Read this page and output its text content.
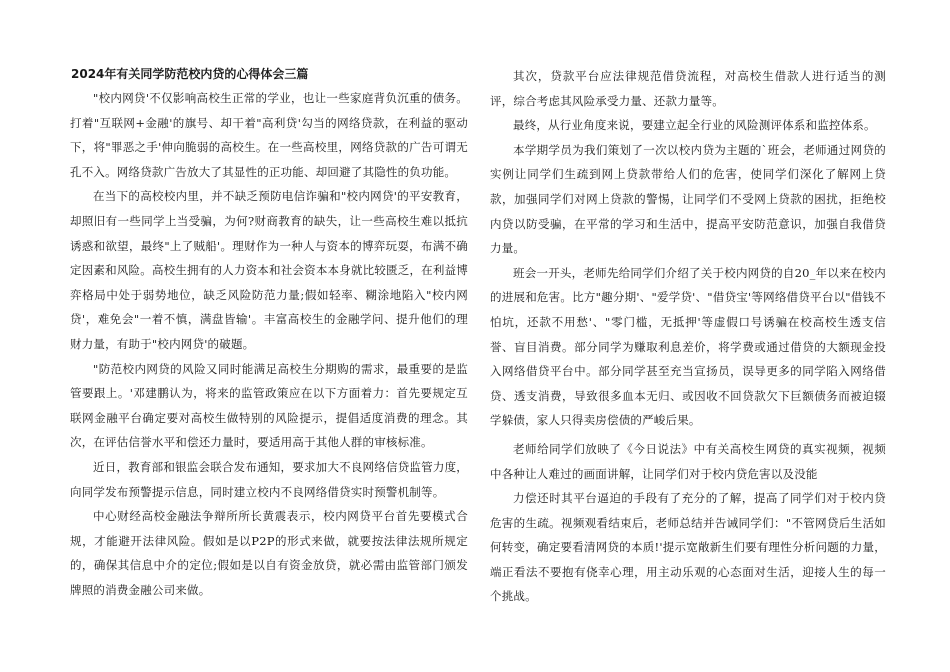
2024年有关同学防范校内贷的心得体会三篇

"校内网贷'不仅影响高校生正常的学业，也让一些家庭背负沉重的债务。打着"互联网+金融'的旗号、却干着"高利贷'勾当的网络贷款，在利益的驱动下，将"罪恶之手'伸向脆弱的高校生。在一些高校里，网络贷款的广告可谓无孔不入。网络贷款广告放大了其显性的正功能、却回避了其隐性的负功能。

在当下的高校校内里，并不缺乏预防电信诈骗和"校内网贷'的平安教育，却照旧有一些同学上当受骗，为何?财商教育的缺失，让一些高校生难以抵抗诱惑和欲望，最终"上了贼船'。理财作为一种人与资本的博弈玩耍，布满不确定因素和风险。高校生拥有的人力资本和社会资本本身就比较匮乏，在利益博弈格局中处于弱势地位，缺乏风险防范力量;假如轻率、糊涂地陷入"校内网贷'，难免会"一着不慎，满盘皆输'。丰富高校生的金融学问、提升他们的理财力量，有助于"校内网贷'的破题。

"防范校内网贷的风险又同时能满足高校生分期购的需求，最重要的是监管要跟上。'邓建鹏认为，将来的监管政策应在以下方面着力：首先要规定互联网金融平台确定要对高校生做特别的风险提示，提倡适度消费的理念。其次，在评估信誉水平和偿还力量时，要适用高于其他人群的审核标准。

近日，教育部和银监会联合发布通知，要求加大不良网络信贷监管力度，向同学发布预警提示信息，同时建立校内不良网络借贷实时预警机制等。

中心财经高校金融法争辩所所长黄震表示，校内网贷平台首先要模式合规，才能避开法律风险。假如是以P2P的形式来做，就要按法律法规所规定的，确保其信息中介的定位;假如是以自有资金放贷，就必需由监管部门颁发牌照的消费金融公司来做。

其次，贷款平台应法律规范借贷流程，对高校生借款人进行适当的测评，综合考虑其风险承受力量、还款力量等。

最终，从行业角度来说，要建立起全行业的风险测评体系和监控体系。

本学期学员为我们策划了一次以校内贷为主题的`班会，老师通过网贷的实例让同学们生疏到网上贷款带给人们的危害，使同学们深化了解网上贷款，加强同学们对网上贷款的警惕，让同学们不受网上贷款的困扰，拒绝校内贷以防受骗，在平常的学习和生活中，提高平安防范意识，加强自我借贷力量。

班会一开头，老师先给同学们介绍了关于校内网贷的自20_年以来在校内的进展和危害。比方"趣分期'、"爱学贷'、"借贷宝'等网络借贷平台以"借钱不怕坑，还款不用愁'、"零门槛，无抵押'等虚假口号诱骗在校高校生透支信誉、盲目消费。部分同学为赚取利息差价，将学费或通过借贷的大额现金投入网络借贷平台中。部分同学甚至充当宣扬员，误导更多的同学陷入网络借贷、透支消费，导致很多血本无归、或因收不回贷款欠下巨额债务而被迫辍学躲债，家人只得卖房偿债的严峻后果。

老师给同学们放映了《今日说法》中有关高校生网贷的真实视频，视频中各种让人难过的画面讲解，让同学们对于校内贷危害以及没能

力偿还时其平台逼迫的手段有了充分的了解，提高了同学们对于校内贷危害的生疏。视频观看结束后，老师总结并告诫同学们："不管网贷后生活如何转变，确定要看清网贷的本质!'提示宽敞新生们要有理性分析问题的力量，端正看法不要抱有侥幸心理，用主动乐观的心态面对生活，迎接人生的每一个挑战。
